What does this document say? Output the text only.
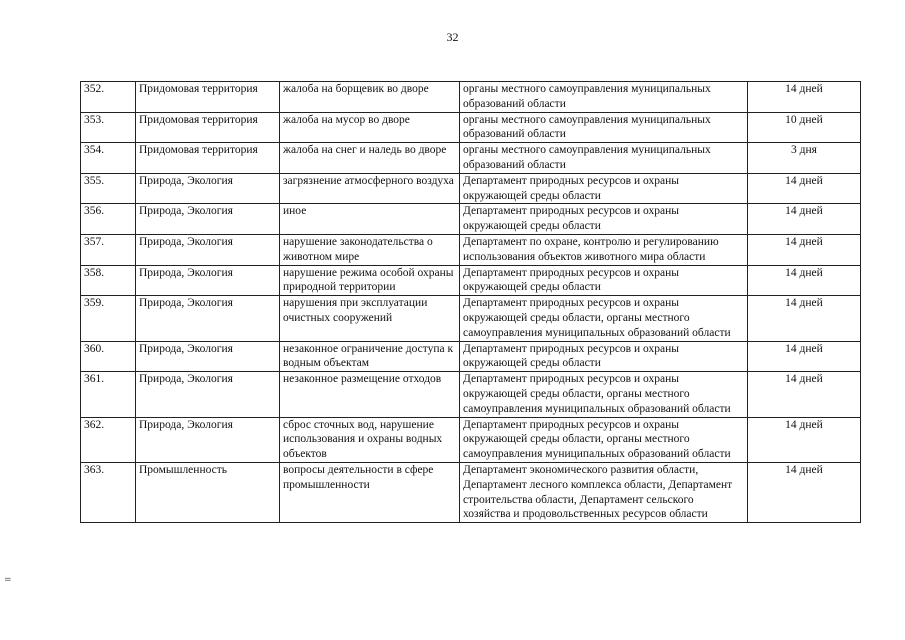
32
352.	Придомовая территория	жалоба на борщевик во дворе	органы местного самоуправления муниципальных образований области	14 дней
353.	Придомовая территория	жалоба на мусор во дворе	органы местного самоуправления муниципальных образований области	10 дней
354.	Придомовая территория	жалоба на снег и наледь во дворе	органы местного самоуправления муниципальных образований области	3 дня
355.	Природа, Экология	загрязнение атмосферного воздуха	Департамент природных ресурсов и охраны окружающей среды области	14 дней
356.	Природа, Экология	иное	Департамент природных ресурсов и охраны окружающей среды области	14 дней
357.	Природа, Экология	нарушение законодательства о животном мире	Департамент по охране, контролю и регулированию использования объектов животного мира области	14 дней
358.	Природа, Экология	нарушение режима особой охраны природной территории	Департамент природных ресурсов и охраны окружающей среды области	14 дней
359.	Природа, Экология	нарушения при эксплуатации очистных сооружений	Департамент природных ресурсов и охраны окружающей среды области, органы местного самоуправления муниципальных образований области	14 дней
360.	Природа, Экология	незаконное ограничение доступа к водным объектам	Департамент природных ресурсов и охраны окружающей среды области	14 дней
361.	Природа, Экология	незаконное размещение отходов	Департамент природных ресурсов и охраны окружающей среды области, органы местного самоуправления муниципальных образований области	14 дней
362.	Природа, Экология	сброс сточных вод, нарушение использования и охраны водных объектов	Департамент природных ресурсов и охраны окружающей среды области, органы местного самоуправления муниципальных образований области	14 дней
363.	Промышленность	вопросы деятельности в сфере промышленности	Департамент экономического развития области, Департамент лесного комплекса области, Департамент строительства области, Департамент сельского хозяйства и продовольственных ресурсов области	14 дней
=
